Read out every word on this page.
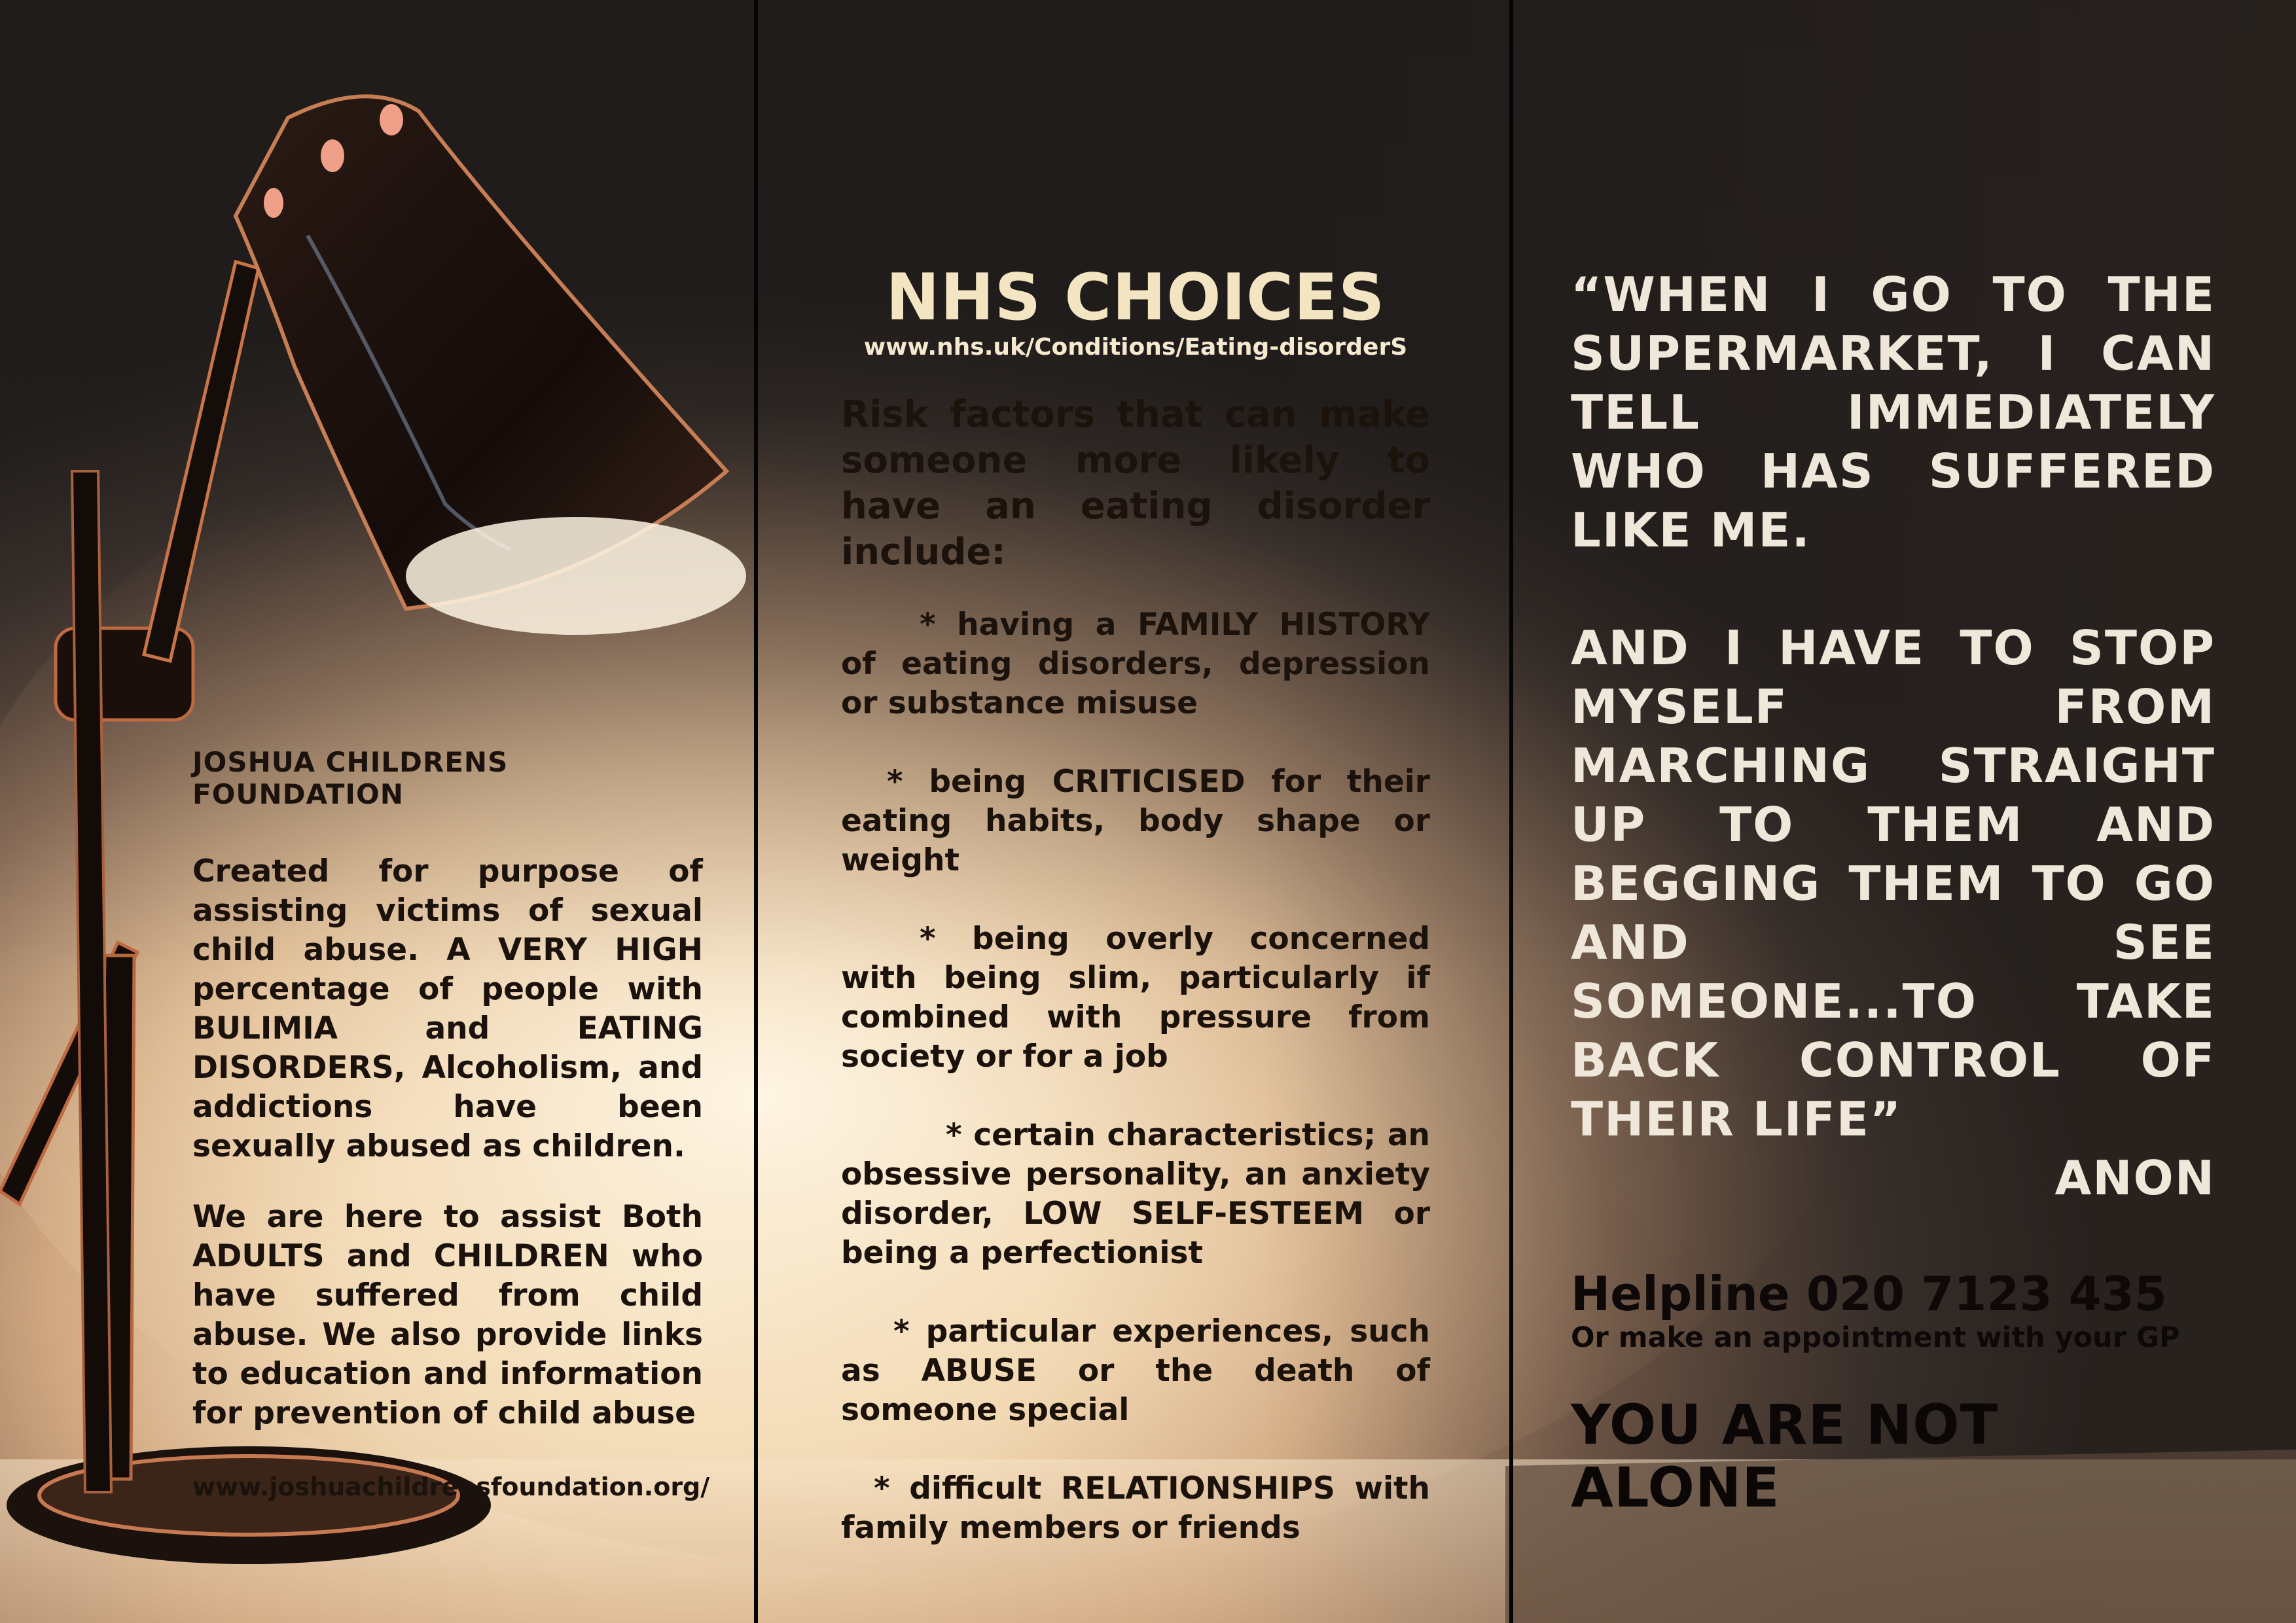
JOSHUA CHILDRENS FOUNDATION

Created for purpose of assisting victims of sexual child abuse. A VERY HIGH percentage of people with BULIMIA and EATING DISORDERS, Alcoholism, and addictions have been sexually abused as children.

We are here to assist Both ADULTS and CHILDREN who have suffered from child abuse. We also provide links to education and information for prevention of child abuse

www.joshuachildrensfoundation.org/

NHS CHOICES

www.nhs.uk/Conditions/Eating-disorderS

Risk factors that can make someone more likely to have an eating disorder include:

* having a FAMILY HISTORY of eating disorders, depression or substance misuse

* being CRITICISED for their eating habits, body shape or weight

* being overly concerned with being slim, particularly if combined with pressure from society or for a job

* certain characteristics; an obsessive personality, an anxiety disorder, LOW SELF-ESTEEM or being a perfectionist

* particular experiences, such as ABUSE or the death of someone special

* difficult RELATIONSHIPS with family members or friends

“WHEN I GO TO THE SUPERMARKET, I CAN TELL IMMEDIATELY WHO HAS SUFFERED LIKE ME.

AND I HAVE TO STOP MYSELF FROM MARCHING STRAIGHT UP TO THEM AND BEGGING THEM TO GO AND SEE SOMEONE...TO TAKE BACK CONTROL OF THEIR LIFE”

ANON

Helpline 020 7123 435

Or make an appointment with your GP

YOU ARE NOT ALONE
